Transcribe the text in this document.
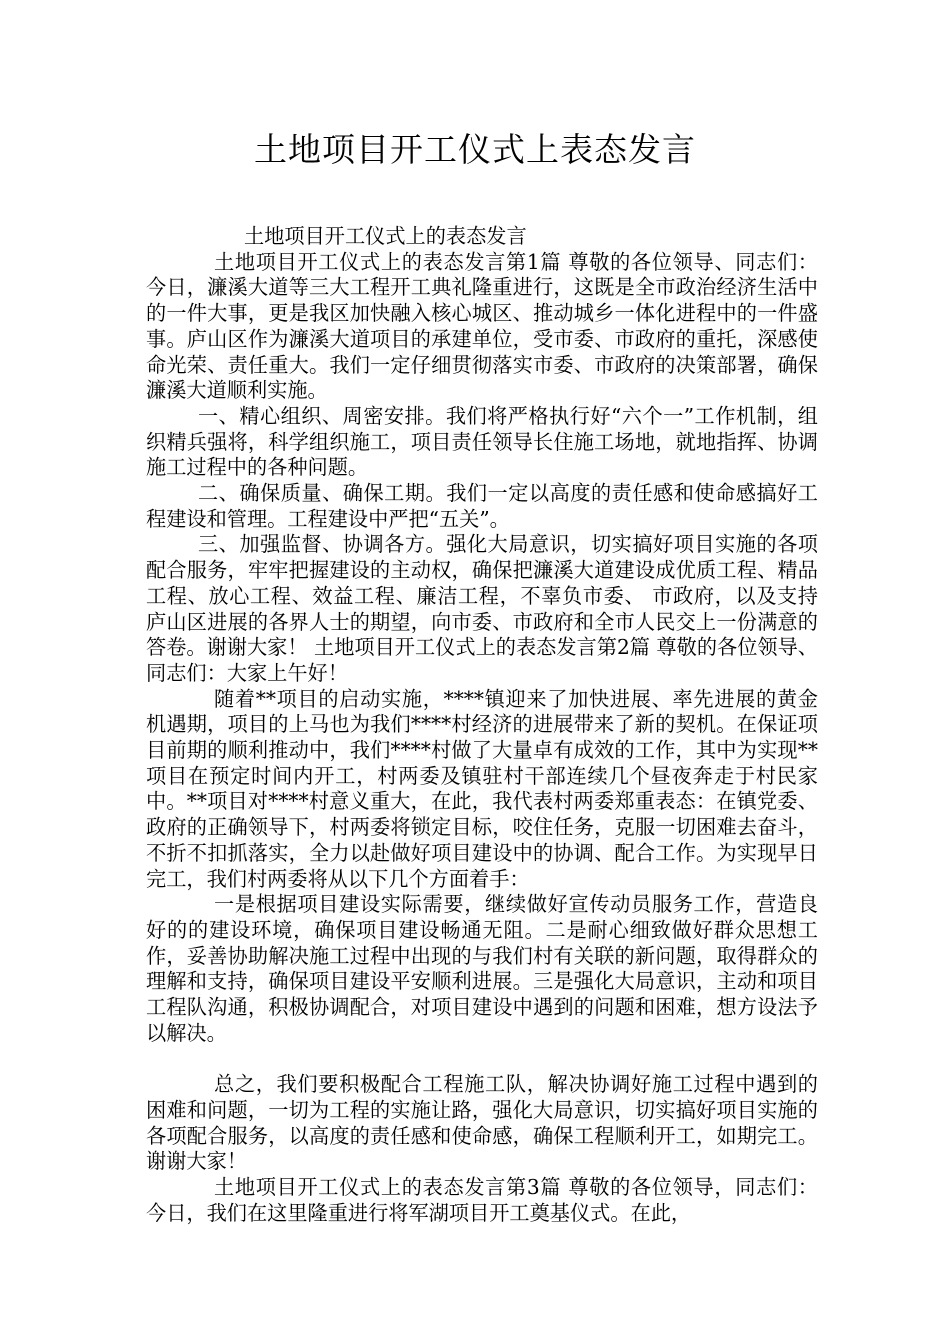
土地项目开工仪式上表态发言

土地项目开工仪式上的表态发言

土地项目开工仪式上的表态发言第1篇 尊敬的各位领导、同志们： 今日，濂溪大道等三大工程开工典礼隆重进行，这既是全市政治经济生活中的一件大事，更是我区加快融入核心城区、推动城乡一体化进程中的一件盛事。庐山区作为濂溪大道项目的承建单位，受市委、市政府的重托，深感使命光荣、责任重大。我们一定仔细贯彻落实市委、市政府的决策部署，确保濂溪大道顺利实施。

一、精心组织、周密安排。我们将严格执行好“六个一”工作机制，组织精兵强将，科学组织施工，项目责任领导长住施工场地，就地指挥、协调施工过程中的各种问题。

二、确保质量、确保工期。我们一定以高度的责任感和使命感搞好工程建设和管理。工程建设中严把“五关”。

三、加强监督、协调各方。强化大局意识，切实搞好项目实施的各项配合服务，牢牢把握建设的主动权，确保把濂溪大道建设成优质工程、精品工程、放心工程、效益工程、廉洁工程，不辜负市委、 市政府，以及支持庐山区进展的各界人士的期望，向市委、市政府和全市人民交上一份满意的答卷。谢谢大家！ 土地项目开工仪式上的表态发言第2篇 尊敬的各位领导、同志们：大家上午好！

随着**项目的启动实施，****镇迎来了加快进展、率先进展的黄金机遇期，项目的上马也为我们****村经济的进展带来了新的契机。在保证项目前期的顺利推动中，我们****村做了大量卓有成效的工作，其中为实现**项目在预定时间内开工，村两委及镇驻村干部连续几个昼夜奔走于村民家中。**项目对****村意义重大，在此，我代表村两委郑重表态：在镇党委、政府的正确领导下，村两委将锁定目标，咬住任务，克服一切困难去奋斗，不折不扣抓落实，全力以赴做好项目建设中的协调、配合工作。为实现早日完工，我们村两委将从以下几个方面着手：

一是根据项目建设实际需要，继续做好宣传动员服务工作，营造良好的的建设环境，确保项目建设畅通无阻。二是耐心细致做好群众思想工作，妥善协助解决施工过程中出现的与我们村有关联的新问题，取得群众的理解和支持，确保项目建设平安顺利进展。三是强化大局意识，主动和项目工程队沟通，积极协调配合，对项目建设中遇到的问题和困难，想方设法予以解决。

总之，我们要积极配合工程施工队，解决协调好施工过程中遇到的困难和问题，一切为工程的实施让路，强化大局意识，切实搞好项目实施的各项配合服务，以高度的责任感和使命感，确保工程顺利开工，如期完工。谢谢大家！

土地项目开工仪式上的表态发言第3篇 尊敬的各位领导，同志们： 今日，我们在这里隆重进行将军湖项目开工奠基仪式。在此，
